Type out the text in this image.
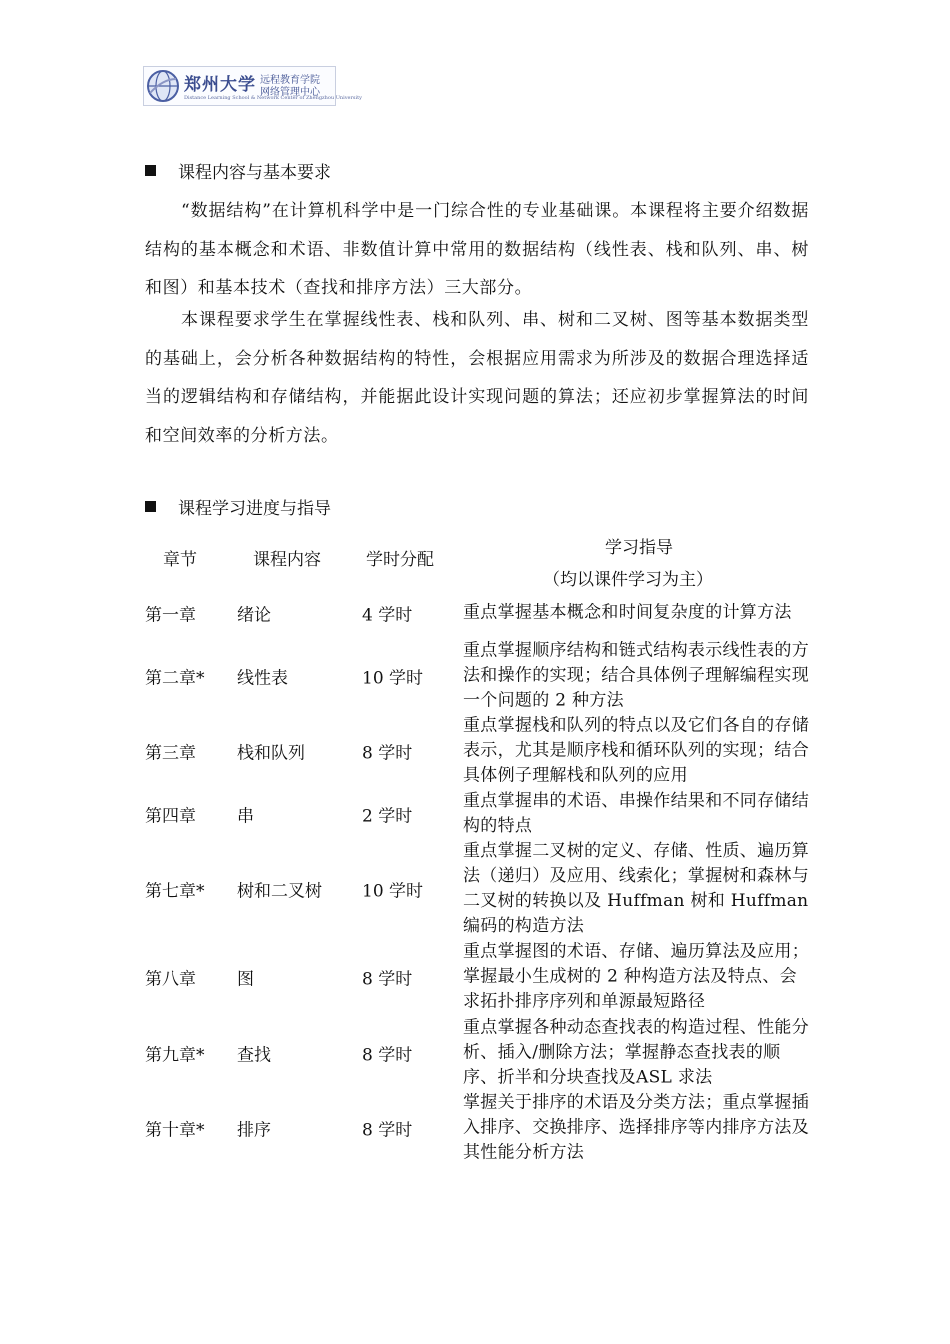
郑州大学 远程教育学院
网络管理中心
Distance Learning School & Network Center of Zhengzhou University
课程内容与基本要求

“数据结构”在计算机科学中是一门综合性的专业基础课。本课程将主要介绍数据结构的基本概念和术语、非数值计算中常用的数据结构（线性表、栈和队列、串、树和图）和基本技术（查找和排序方法）三大部分。

本课程要求学生在掌握线性表、栈和队列、串、树和二叉树、图等基本数据类型的基础上，会分析各种数据结构的特性，会根据应用需求为所涉及的数据合理选择适当的逻辑结构和存储结构，并能据此设计实现问题的算法；还应初步掌握算法的时间和空间效率的分析方法。

课程学习进度与指导
章节	课程内容	学时分配
学习指导
（均以课件学习为主）
第一章 绪论	4 学时	重点掌握基本概念和时间复杂度的计算方法
第二章* 线性表	10 学时
重点掌握顺序结构和链式结构表示线性表的方法和操作的实现；结合具体例子理解编程实现一个问题的 2 种方法
第三章 栈和队列	8 学时
重点掌握栈和队列的特点以及它们各自的存储表示，尤其是顺序栈和循环队列的实现；结合具体例子理解栈和队列的应用
第四章 串	2 学时
重点掌握串的术语、串操作结果和不同存储结构的特点
第七章* 树和二叉树 10 学时
重点掌握二叉树的定义、存储、性质、遍历算法（递归）及应用、线索化；掌握树和森林与二叉树的转换以及 Huffman 树和 Huffman 编码的构造方法
第八章 图	8 学时
重点掌握图的术语、存储、遍历算法及应用；掌握最小生成树的 2 种构造方法及特点、会求拓扑排序序列和单源最短路径
第九章* 查找	8 学时
重点掌握各种动态查找表的构造过程、性能分析、插入/删除方法；掌握静态查找表的顺序、折半和分块查找及ASL 求法
第十章* 排序	8 学时
掌握关于排序的术语及分类方法；重点掌握插入排序、交换排序、选择排序等内排序方法及其性能分析方法
